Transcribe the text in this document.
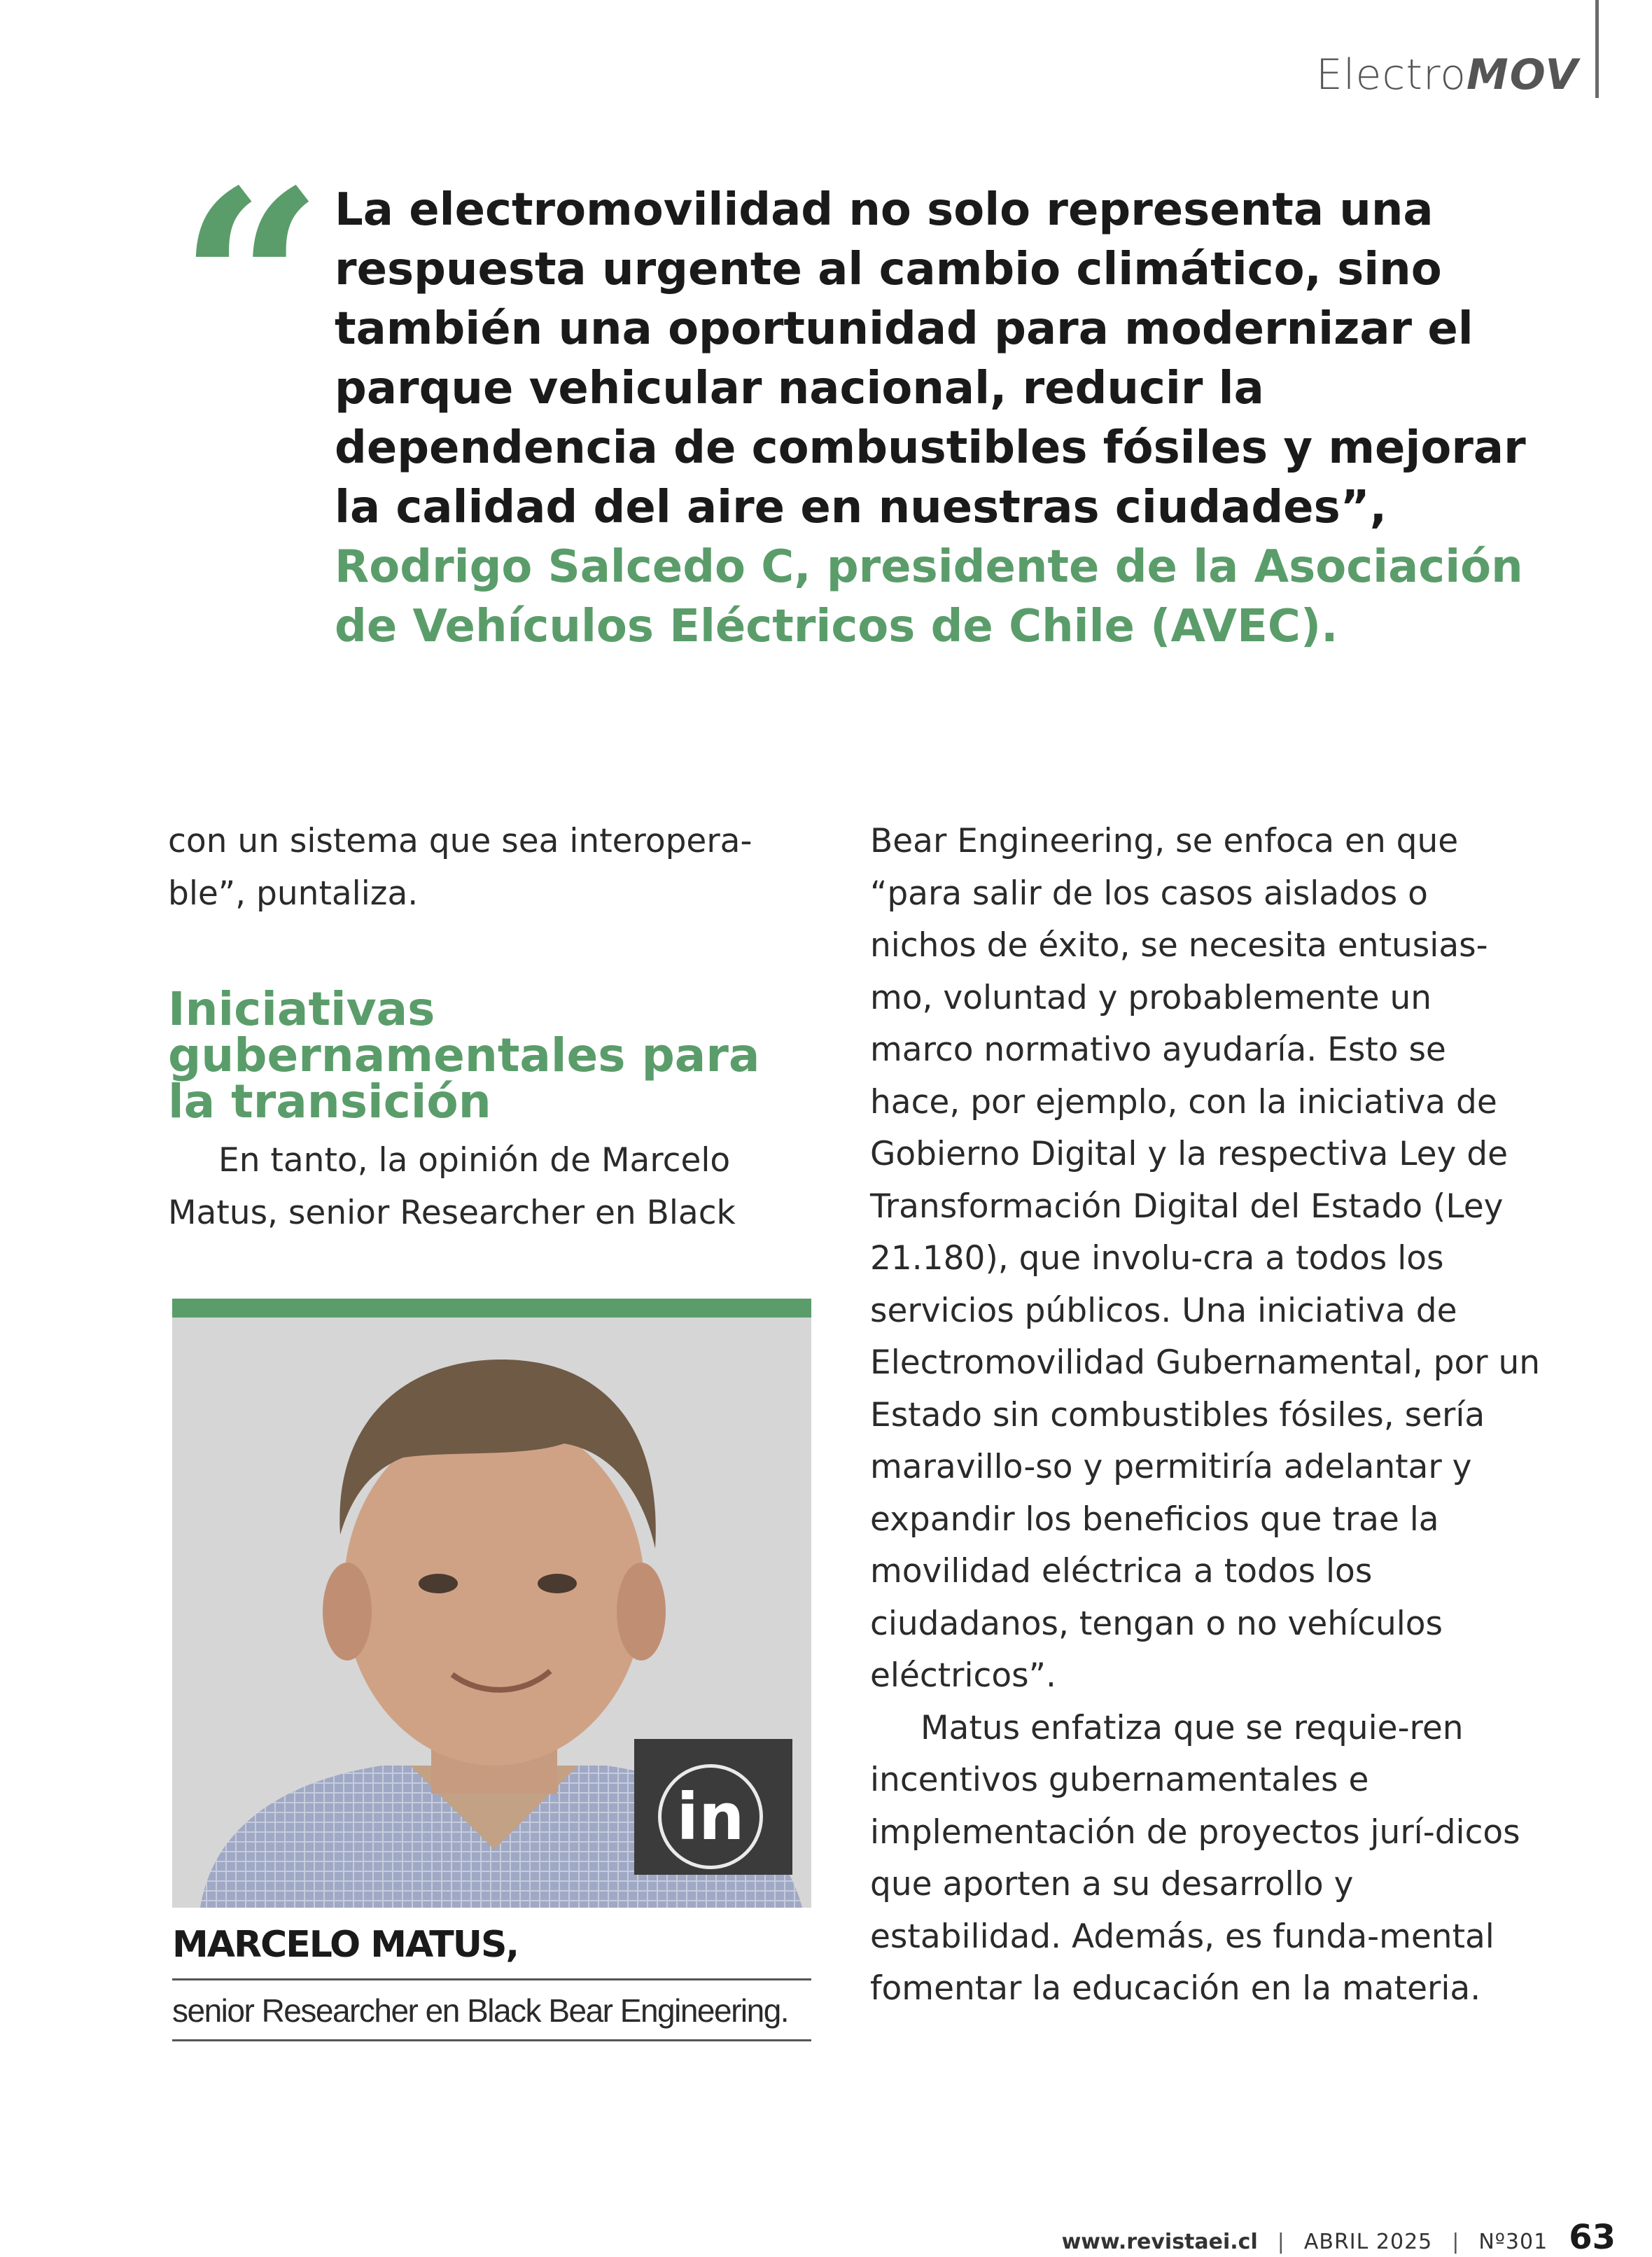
Electro MOV
“ La electromovilidad no solo representa una respuesta urgente al cambio climático, sino también una oportunidad para modernizar el parque vehicular nacional, reducir la dependencia de combustibles fósiles y mejorar la calidad del aire en nuestras ciudades”, Rodrigo Salcedo C, presidente de la Asociación de Vehículos Eléctricos de Chile (AVEC).

con un sistema que sea interopera-ble”, puntaliza.

Iniciativas gubernamentales para la transición

En tanto, la opinión de Marcelo Matus, senior Researcher en Black

in
MARCELO MATUS,
senior Researcher en Black Bear Engineering.

Bear Engineering, se enfoca en que “para salir de los casos aislados o nichos de éxito, se necesita entusias-mo, voluntad y probablemente un marco normativo ayudaría. Esto se hace, por ejemplo, con la iniciativa de Gobierno Digital y la respectiva Ley de Transformación Digital del Estado (Ley 21.180), que involu-cra a todos los servicios públicos. Una iniciativa de Electromovilidad Gubernamental, por un Estado sin combustibles fósiles, sería maravillo-so y permitiría adelantar y expandir los beneficios que trae la movilidad eléctrica a todos los ciudadanos, tengan o no vehículos eléctricos”.

Matus enfatiza que se requie-ren incentivos gubernamentales e implementación de proyectos jurí-dicos que aporten a su desarrollo y estabilidad. Además, es funda-mental fomentar la educación en la materia.

www.revistaei.cl | ABRIL 2025 | Nº301 63
